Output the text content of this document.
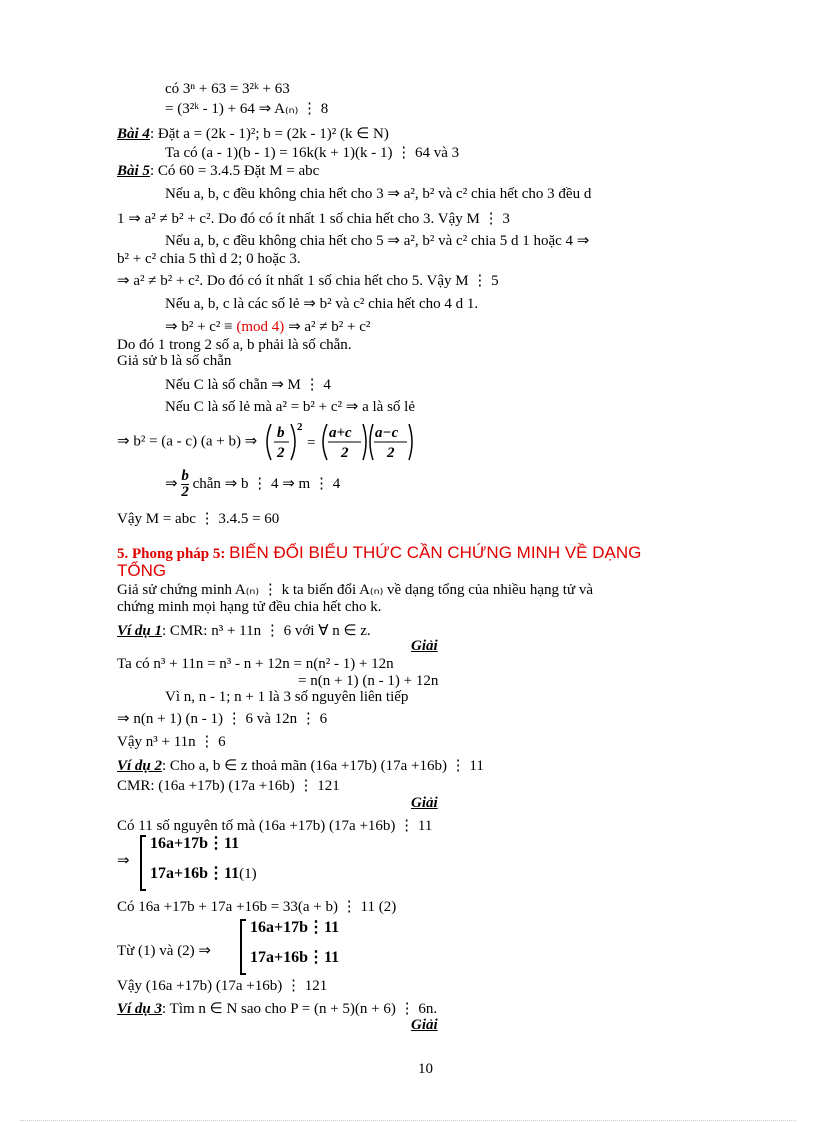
có 3ⁿ + 63 = 3²ᵏ + 63
= (3²ᵏ - 1) + 64 ⇒ A₍ₙ₎ ⋮ 8
Bài 4: Đặt a = (2k - 1)²; b = (2k - 1)² (k ∈ N)
Ta có (a - 1)(b - 1) = 16k(k + 1)(k - 1) ⋮ 64 và 3
Bài 5: Có 60 = 3.4.5 Đặt M = abc
Nếu a, b, c đều không chia hết cho 3 ⇒ a², b² và c² chia hết cho 3 đều d
1 ⇒ a² ≠ b² + c². Do đó có ít nhất 1 số chia hết cho 3. Vậy M ⋮ 3
Nếu a, b, c đều không chia hết cho 5 ⇒ a², b² và c² chia 5 d 1 hoặc 4 ⇒
b² + c² chia 5 thì d 2; 0 hoặc 3.
⇒ a² ≠ b² + c². Do đó có ít nhất 1 số chia hết cho 5. Vậy M ⋮ 5
Nếu a, b, c là các số lẻ ⇒ b² và c² chia hết cho 4 d 1.
⇒ b² + c² ≡ (mod 4) ⇒ a² ≠ b² + c²
Do đó 1 trong 2 số a, b phải là số chẵn.
Giả sử b là số chẵn
Nếu C là số chẵn ⇒ M ⋮ 4
Nếu C là số lẻ mà a² = b² + c² ⇒ a là số lẻ
⇒ b² = (a - c) (a + b) ⇒
b
2
2
=
a+c
2
a−c
2
⇒ $\frac{b}{2}$ chẵn ⇒ b ⋮ 4 ⇒ m ⋮ 4
Vậy M = abc ⋮ 3.4.5 = 60
5. Phong pháp 5: BIẾN ĐỔI BIỂU THỨC CẦN CHỨNG MINH VỀ DẠNG
TỔNG
Giả sử chứng minh A₍ₙ₎ ⋮ k ta biến đổi A₍ₙ₎ về dạng tổng của nhiều hạng tử và
chứng minh mọi hạng tử đều chia hết cho k.
Ví dụ 1: CMR: n³ + 11n ⋮ 6 với ∀ n ∈ z.
Giải
Ta có n³ + 11n = n³ - n + 12n = n(n² - 1) + 12n
= n(n + 1) (n - 1) + 12n
Vì n, n - 1; n + 1 là 3 số nguyên liên tiếp
⇒ n(n + 1) (n - 1) ⋮ 6 và 12n ⋮ 6
Vậy n³ + 11n ⋮ 6
Ví dụ 2: Cho a, b ∈ z thoả mãn (16a +17b) (17a +16b) ⋮ 11
CMR: (16a +17b) (17a +16b) ⋮ 121
Giải
Có 11 số nguyên tố mà (16a +17b) (17a +16b) ⋮ 11
⇒
16a+17b⋮11
17a+16b⋮11(1)
Có 16a +17b + 17a +16b = 33(a + b) ⋮ 11 (2)
Từ (1) và (2) ⇒
16a+17b⋮11
17a+16b⋮11
Vậy (16a +17b) (17a +16b) ⋮ 121
Ví dụ 3: Tìm n ∈ N sao cho P = (n + 5)(n + 6) ⋮ 6n.
Giải
10
